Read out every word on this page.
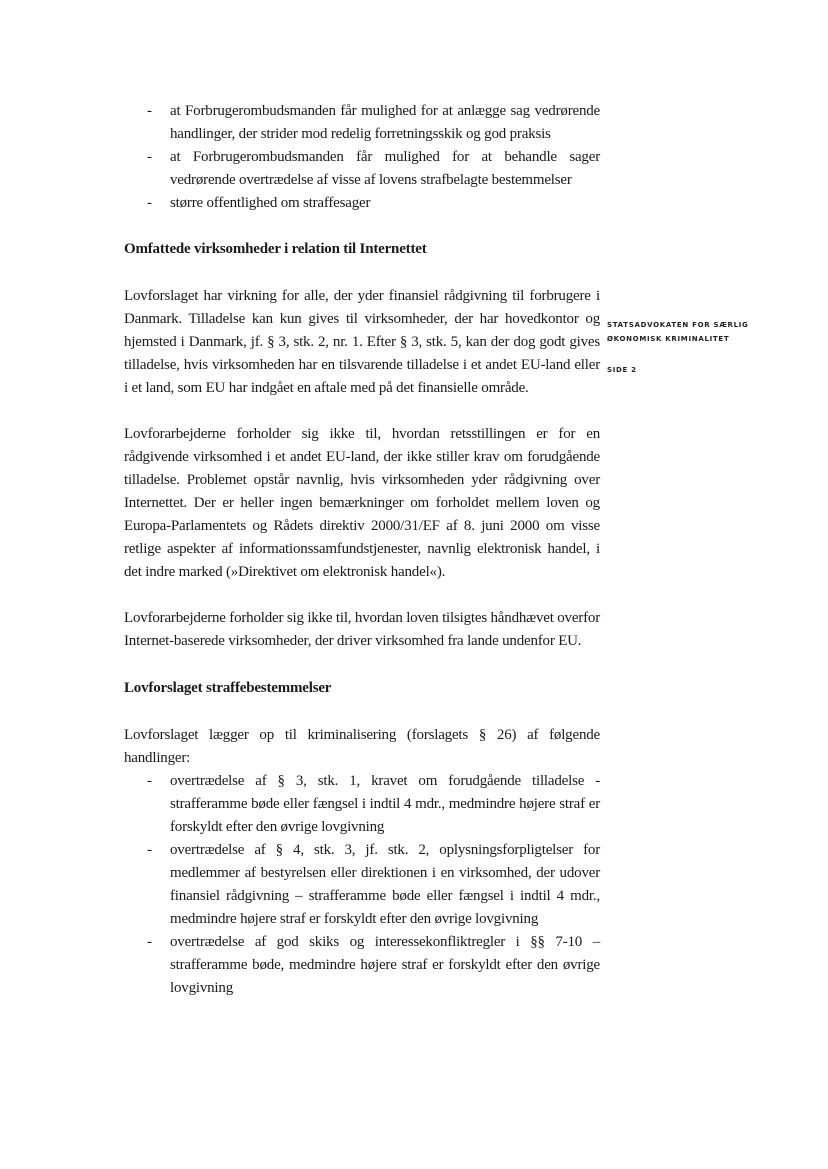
- at Forbrugerombudsmanden får mulighed for at anlægge sag vedrørende handlinger, der strider mod redelig forretningsskik og god praksis
- at Forbrugerombudsmanden får mulighed for at behandle sager vedrørende overtrædelse af visse af lovens strafbelagte bestemmelser
- større offentlighed om straffesager
Omfattede virksomheder i relation til Internettet

Lovforslaget har virkning for alle, der yder finansiel rådgivning til forbrugere i Danmark. Tilladelse kan kun gives til virksomheder, der har hovedkontor og hjemsted i Danmark, jf. § 3, stk. 2, nr. 1. Efter § 3, stk. 5, kan der dog godt gives tilladelse, hvis virksomheden har en tilsvarende tilladelse i et andet EU-land eller i et land, som EU har indgået en aftale med på det finansielle område.

Lovforarbejderne forholder sig ikke til, hvordan retsstillingen er for en rådgivende virksomhed i et andet EU-land, der ikke stiller krav om forudgående tilladelse. Problemet opstår navnlig, hvis virksomheden yder rådgivning over Internettet. Der er heller ingen bemærkninger om forholdet mellem loven og Europa-Parlamentets og Rådets direktiv 2000/31/EF af 8. juni 2000 om visse retlige aspekter af informationssamfundstjenester, navnlig elektronisk handel, i det indre marked (»Direktivet om elektronisk handel«).

Lovforarbejderne forholder sig ikke til, hvordan loven tilsigtes håndhævet overfor Internet-baserede virksomheder, der driver virksomhed fra lande undenfor EU.

Lovforslaget straffebestemmelser

Lovforslaget lægger op til kriminalisering (forslagets § 26) af følgende handlinger:

- overtrædelse af § 3, stk. 1, kravet om forudgående tilladelse - strafferamme bøde eller fængsel i indtil 4 mdr., medmindre højere straf er forskyldt efter den øvrige lovgivning
- overtrædelse af § 4, stk. 3, jf. stk. 2, oplysningsforpligtelser for medlemmer af bestyrelsen eller direktionen i en virksomhed, der udover finansiel rådgivning – strafferamme bøde eller fængsel i indtil 4 mdr., medmindre højere straf er forskyldt efter den øvrige lovgivning
- overtrædelse af god skiks og interessekonfliktregler i §§ 7-10 – strafferamme bøde, medmindre højere straf er forskyldt efter den øvrige lovgivning
STATSADVOKATEN FOR SÆRLIG ØKONOMISK KRIMINALITET
SIDE 2
